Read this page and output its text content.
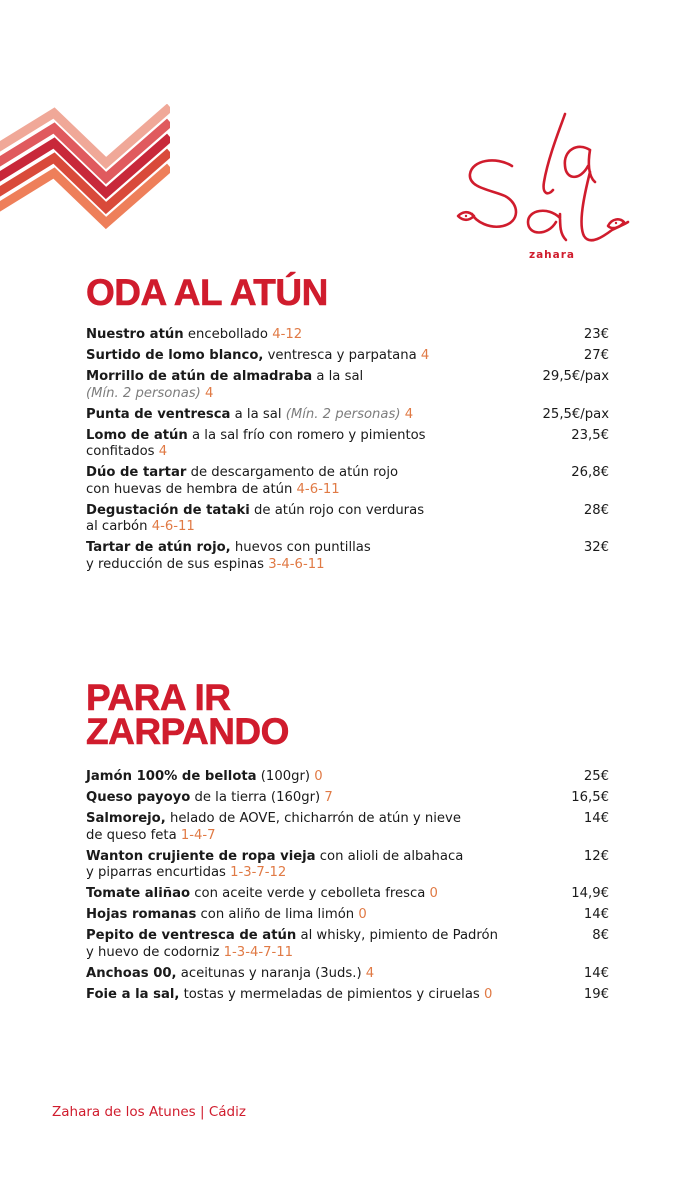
zahara
ODA AL ATÚN
Nuestro atún encebollado 4-12	23€
Surtido de lomo blanco, ventresca y parpatana 4	27€
Morrillo de atún de almadraba a la sal
(Mín. 2 personas) 4
29,5€/pax
Punta de ventresca a la sal (Mín. 2 personas) 4	25,5€/pax
Lomo de atún a la sal frío con romero y pimientos
confitados 4
23,5€
Dúo de tartar de descargamento de atún rojo
con huevas de hembra de atún 4-6-11
26,8€
Degustación de tataki de atún rojo con verduras
al carbón 4-6-11
28€
Tartar de atún rojo, huevos con puntillas
y reducción de sus espinas 3-4-6-11
32€
PARA IR
ZARPANDO
Jamón 100% de bellota (100gr) 0	25€
Queso payoyo de la tierra (160gr) 7	16,5€
Salmorejo, helado de AOVE, chicharrón de atún y nieve
de queso feta 1-4-7
14€
Wanton crujiente de ropa vieja con alioli de albahaca
y piparras encurtidas 1-3-7-12
12€
Tomate aliñao con aceite verde y cebolleta fresca 0	14,9€
Hojas romanas con aliño de lima limón 0	14€
Pepito de ventresca de atún al whisky, pimiento de Padrón
y huevo de codorniz 1-3-4-7-11
8€
Anchoas 00, aceitunas y naranja (3uds.) 4	14€
Foie a la sal, tostas y mermeladas de pimientos y ciruelas 0	19€
Zahara de los Atunes | Cádiz
